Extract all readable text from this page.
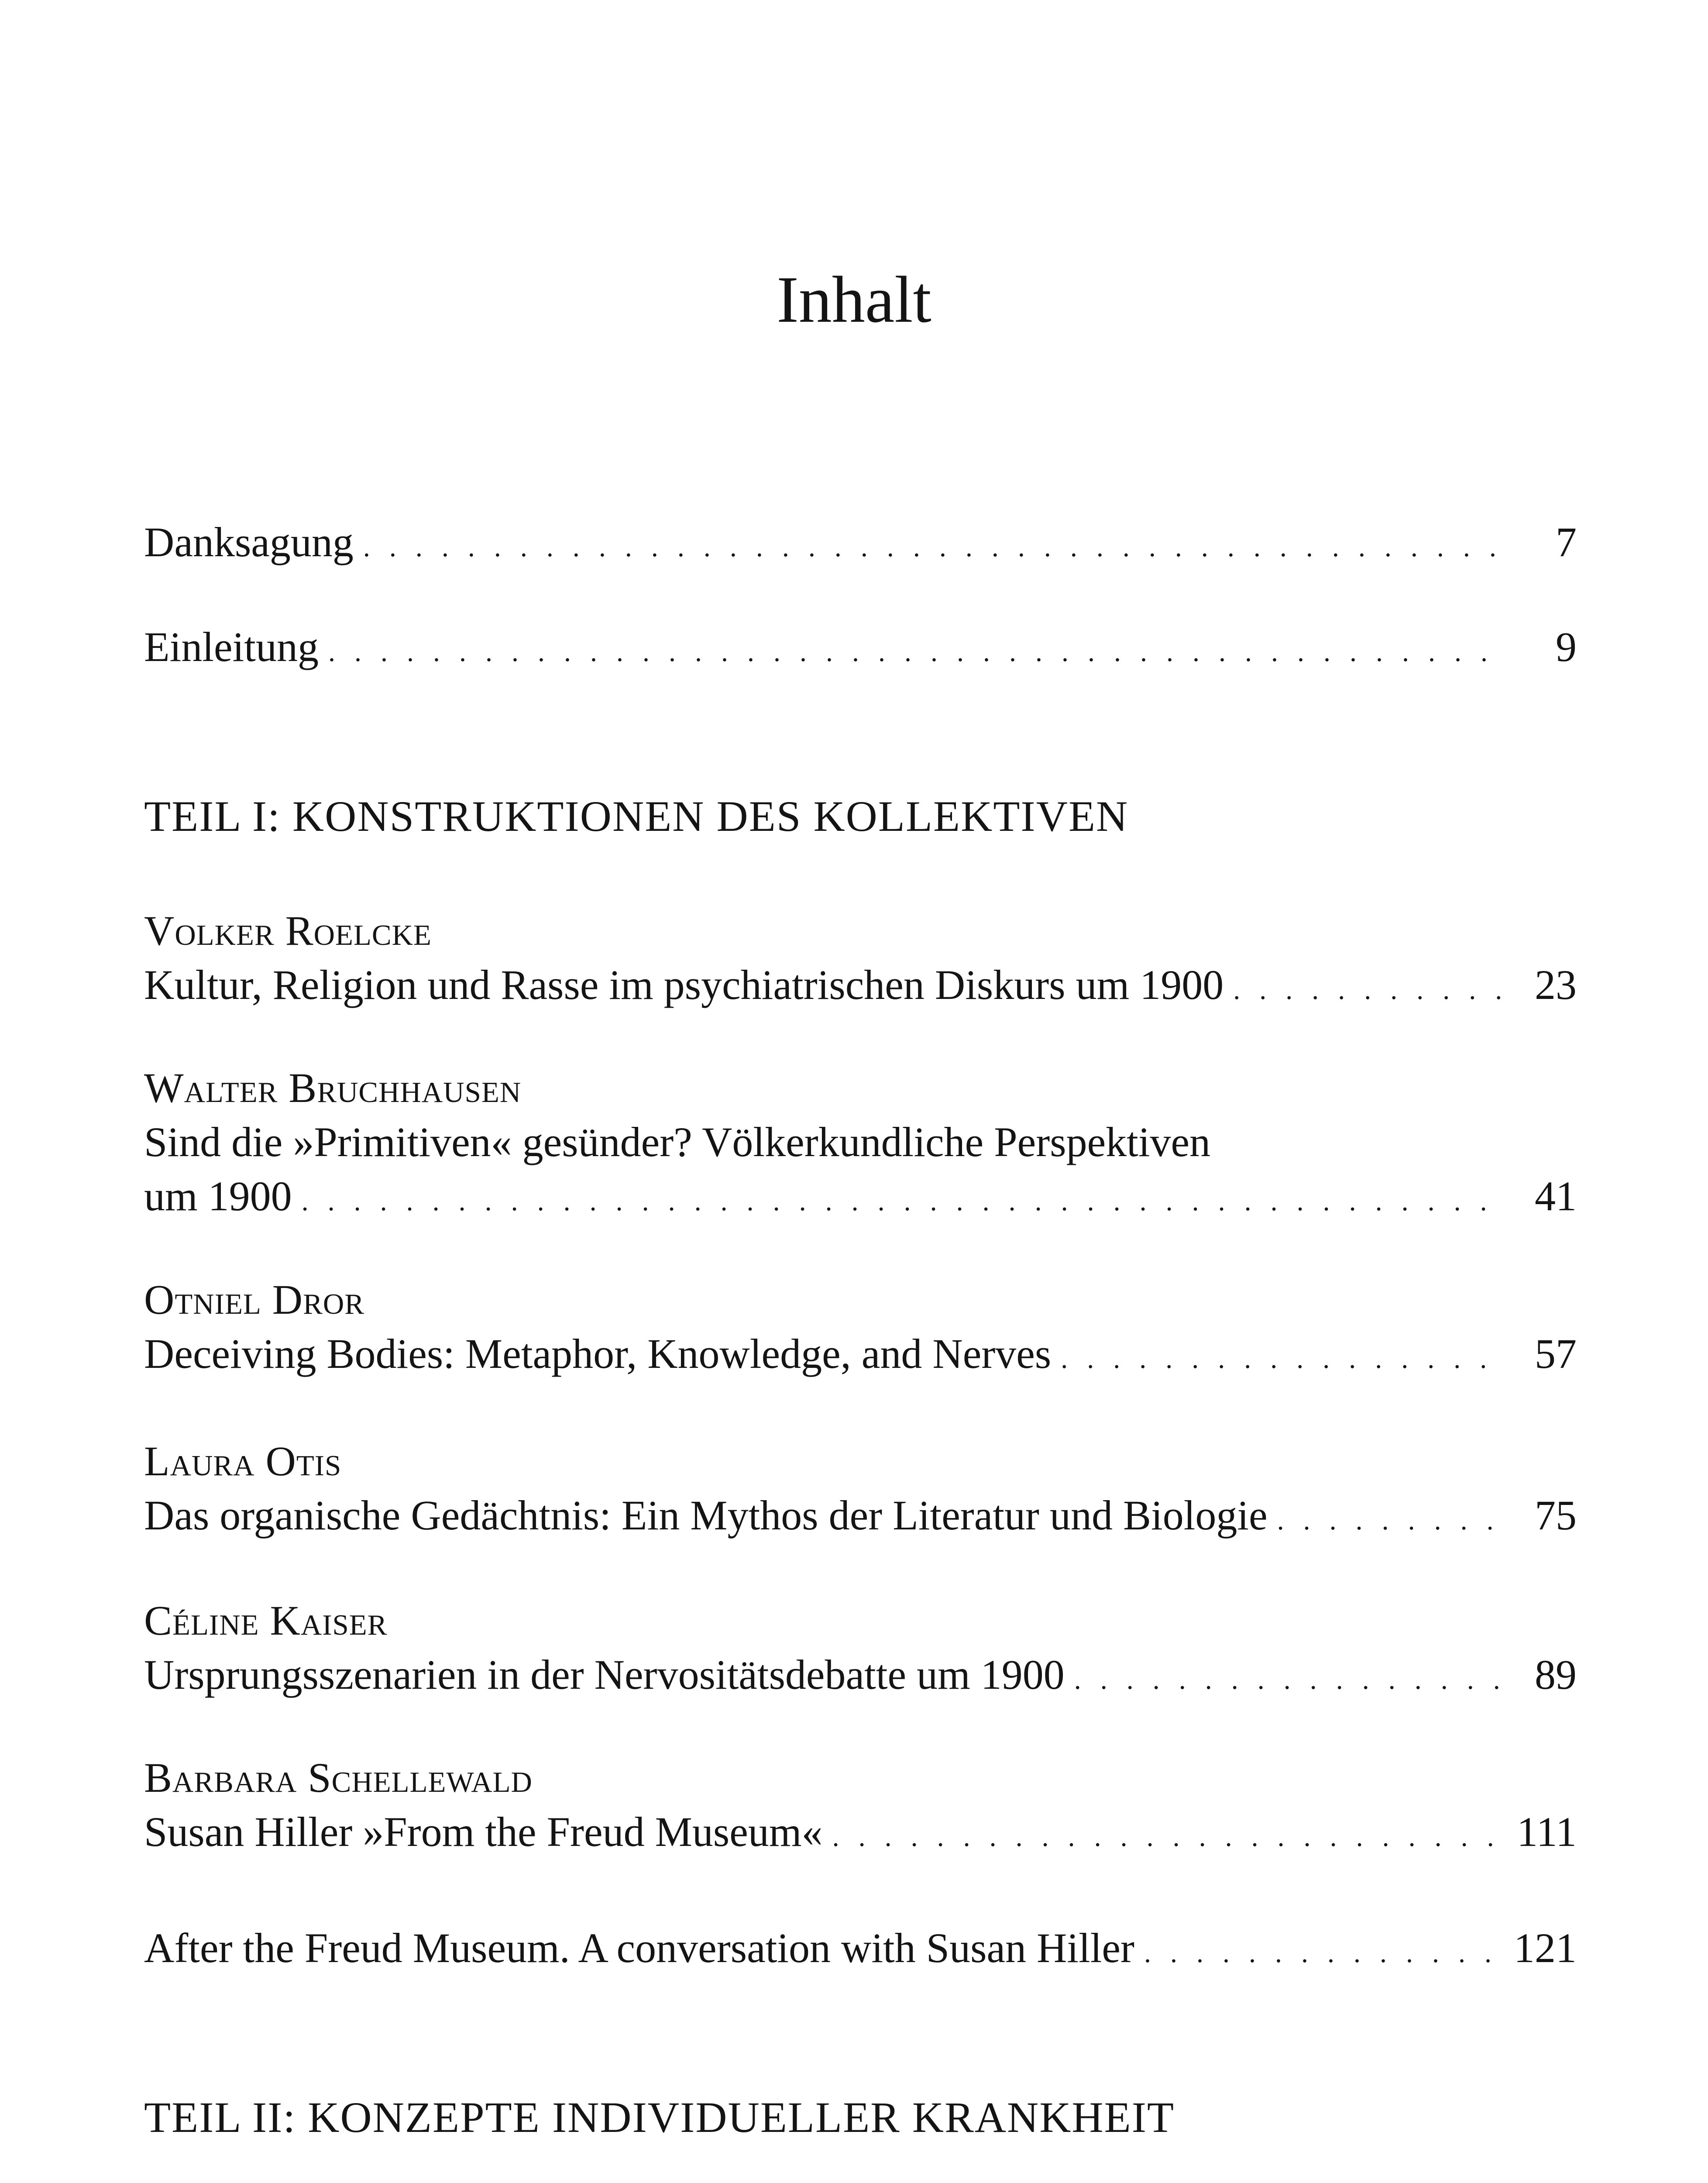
Inhalt
Danksagung . . .	7
Einleitung . . .	9
TEIL I: KONSTRUKTIONEN DES KOLLEKTIVEN
Volker Roelcke
Kultur, Religion und Rasse im psychiatrischen Diskurs um 1900 . . .	23
Walter Bruchhausen
Sind die »Primitiven« gesünder? Völkerkundliche Perspektiven
um 1900 . . .	41
Otniel Dror
Deceiving Bodies: Metaphor, Knowledge, and Nerves . . .	57
Laura Otis
Das organische Gedächtnis: Ein Mythos der Literatur und Biologie . . .	75
Céline Kaiser
Ursprungsszenarien in der Nervositätsdebatte um 1900 . . .	89
Barbara Schellewald
Susan Hiller »From the Freud Museum« . . .	111
After the Freud Museum. A conversation with Susan Hiller . . .	121
TEIL II: KONZEPTE INDIVIDUELLER KRANKHEIT
